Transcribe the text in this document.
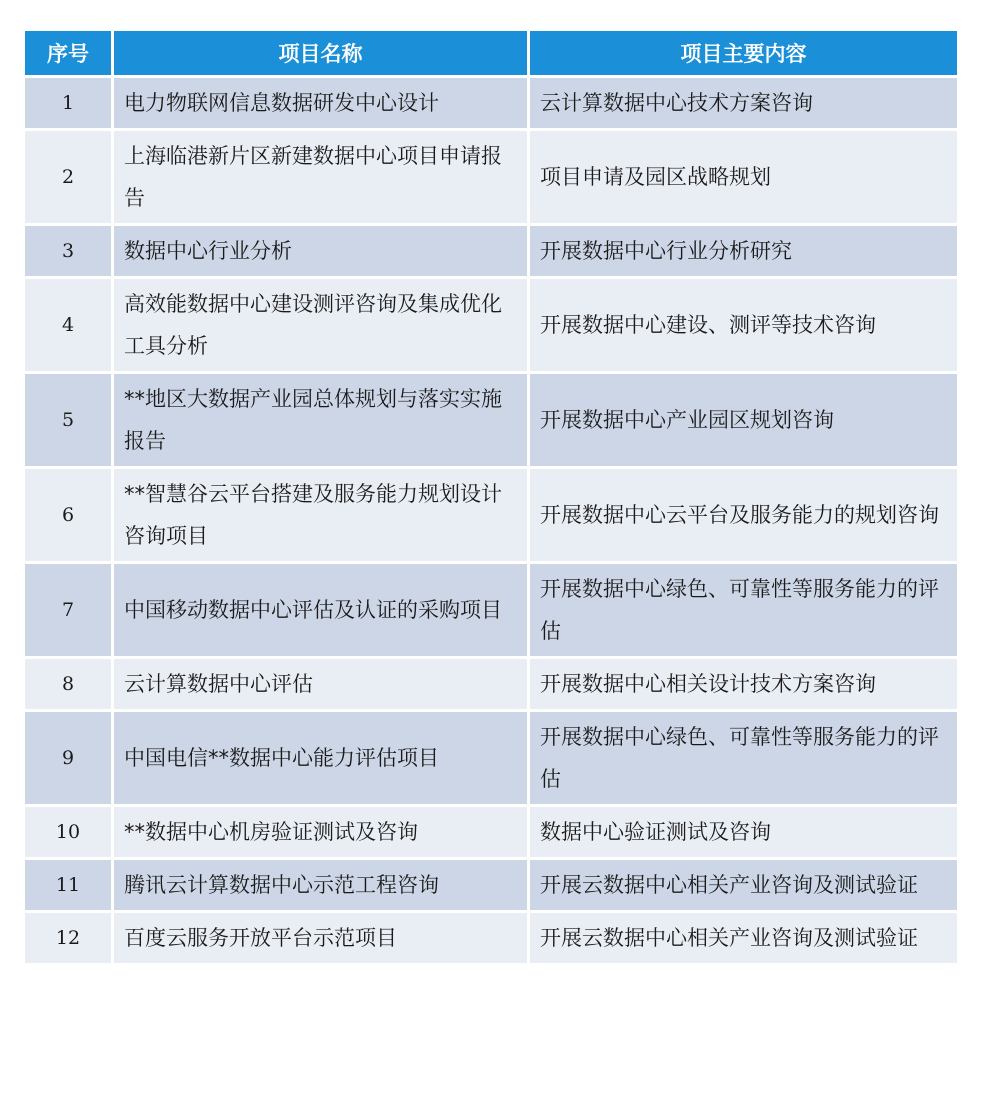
序号	项目名称	项目主要内容
1	电力物联网信息数据研发中心设计	云计算数据中心技术方案咨询
2	上海临港新片区新建数据中心项目申请报告	项目申请及园区战略规划
3	数据中心行业分析	开展数据中心行业分析研究
4	高效能数据中心建设测评咨询及集成优化工具分析	开展数据中心建设、测评等技术咨询
5	**地区大数据产业园总体规划与落实实施报告	开展数据中心产业园区规划咨询
6	**智慧谷云平台搭建及服务能力规划设计咨询项目	开展数据中心云平台及服务能力的规划咨询
7	中国移动数据中心评估及认证的采购项目	开展数据中心绿色、可靠性等服务能力的评估
8	云计算数据中心评估	开展数据中心相关设计技术方案咨询
9	中国电信**数据中心能力评估项目	开展数据中心绿色、可靠性等服务能力的评估
10	**数据中心机房验证测试及咨询	数据中心验证测试及咨询
11	腾讯云计算数据中心示范工程咨询	开展云数据中心相关产业咨询及测试验证
12	百度云服务开放平台示范项目	开展云数据中心相关产业咨询及测试验证
